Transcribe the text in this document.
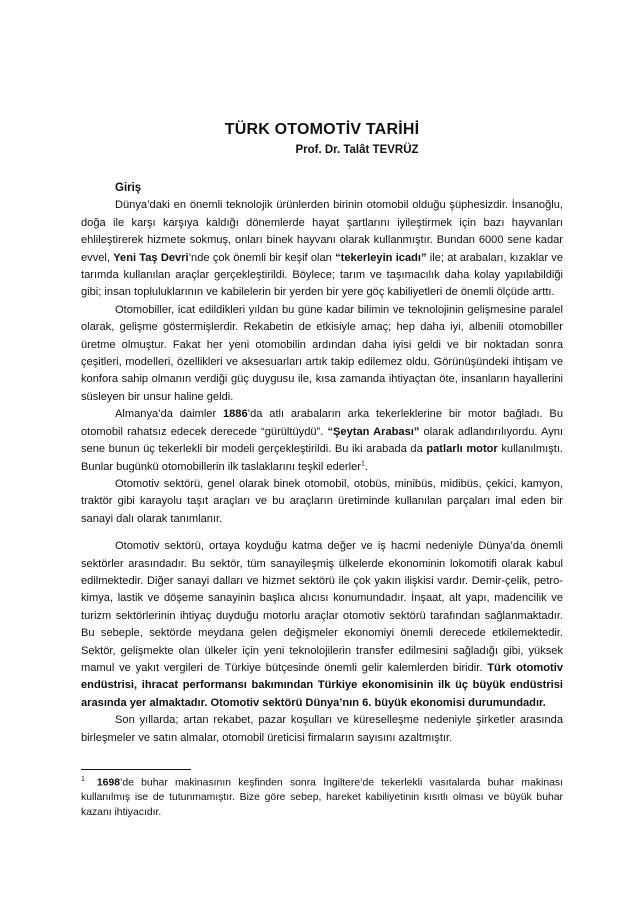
TÜRK OTOMOTİV TARİHİ
Prof. Dr. Talât TEVRÜZ
Giriş

Dünya’daki en önemli teknolojik ürünlerden birinin otomobil olduğu şüphesizdir. İnsanoğlu, doğa ile karşı karşıya kaldığı dönemlerde hayat şartlarını iyileştirmek için bazı hayvanları ehlileştirerek hizmete sokmuş, onları binek hayvanı olarak kullanmıştır. Bundan 6000 sene kadar evvel, Yeni Taş Devri’nde çok önemli bir keşif olan “tekerleyin icadı” ile; at arabaları, kızaklar ve tarımda kullanılan araçlar gerçekleştirildi. Böylece; tarım ve taşımacılık daha kolay yapılabildiği gibi; insan topluluklarının ve kabilelerin bir yerden bir yere göç kabiliyetleri de önemli ölçüde arttı.

Otomobiller, icat edildikleri yıldan bu güne kadar bilimin ve teknolojinin gelişmesine paralel olarak, gelişme göstermişlerdir. Rekabetin de etkisiyle amaç; hep daha iyi, albenili otomobiller üretme olmuştur. Fakat her yeni otomobilin ardından daha iyisi geldi ve bir noktadan sonra çeşitleri, modelleri, özellikleri ve aksesuarları artık takip edilemez oldu. Görünüşündeki ihtişam ve konfora sahip olmanın verdiği güç duygusu ile, kısa zamanda ihtiyaçtan öte, insanların hayallerini süsleyen bir unsur haline geldi.

Almanya’da daimler 1886’da atlı arabaların arka tekerleklerine bir motor bağladı. Bu otomobil rahatsız edecek derecede “gürültüydü”. “Şeytan Arabası” olarak adlandırılıyordu. Aynı sene bunun üç tekerlekli bir modeli gerçekleştirildi. Bu iki arabada da patlarlı motor kullanılmıştı. Bunlar bugünkü otomobillerin ilk taslaklarını teşkil ederler$^1$.

Otomotiv sektörü, genel olarak binek otomobil, otobüs, minibüs, midibüs, çekici, kamyon, traktör gibi karayolu taşıt araçları ve bu araçların üretiminde kullanılan parçaları imal eden bir sanayi dalı olarak tanımlanır.

Otomotiv sektörü, ortaya koyduğu katma değer ve iş hacmi nedeniyle Dünya’da önemli sektörler arasındadır. Bu sektör, tüm sanayileşmiş ülkelerde ekonominin lokomotifi olarak kabul edilmektedir. Diğer sanayi dalları ve hizmet sektörü ile çok yakın ilişkisi vardır. Demir-çelik, petro-kimya, lastik ve döşeme sanayinin başlıca alıcısı konumundadır. İnşaat, alt yapı, madencilik ve turizm sektörlerinin ihtiyaç duyduğu motorlu araçlar otomotiv sektörü tarafından sağlanmaktadır. Bu sebeple, sektörde meydana gelen değişmeler ekonomiyi önemli derecede etkilemektedir. Sektör, gelişmekte olan ülkeler için yeni teknolojilerin transfer edilmesini sağladığı gibi, yüksek mamul ve yakıt vergileri de Türkiye bütçesinde önemli gelir kalemlerden biridir. Türk otomotiv endüstrisi, ihracat performansı bakımından Türkiye ekonomisinin ilk üç büyük endüstrisi arasında yer almaktadır. Otomotiv sektörü Dünya’nın 6. büyük ekonomisi durumundadır.

Son yıllarda; artan rekabet, pazar koşulları ve küreselleşme nedeniyle şirketler arasında birleşmeler ve satın almalar, otomobil üreticisi firmaların sayısını azaltmıştır.

$^1$ 1698’de buhar makinasının keşfinden sonra İngiltere’de tekerlekli vasıtalarda buhar makinası kullanılmış ise de tutunmamıştır. Bize göre sebep, hareket kabiliyetinin kısıtlı olması ve büyük buhar kazanı ihtiyacıdır.
